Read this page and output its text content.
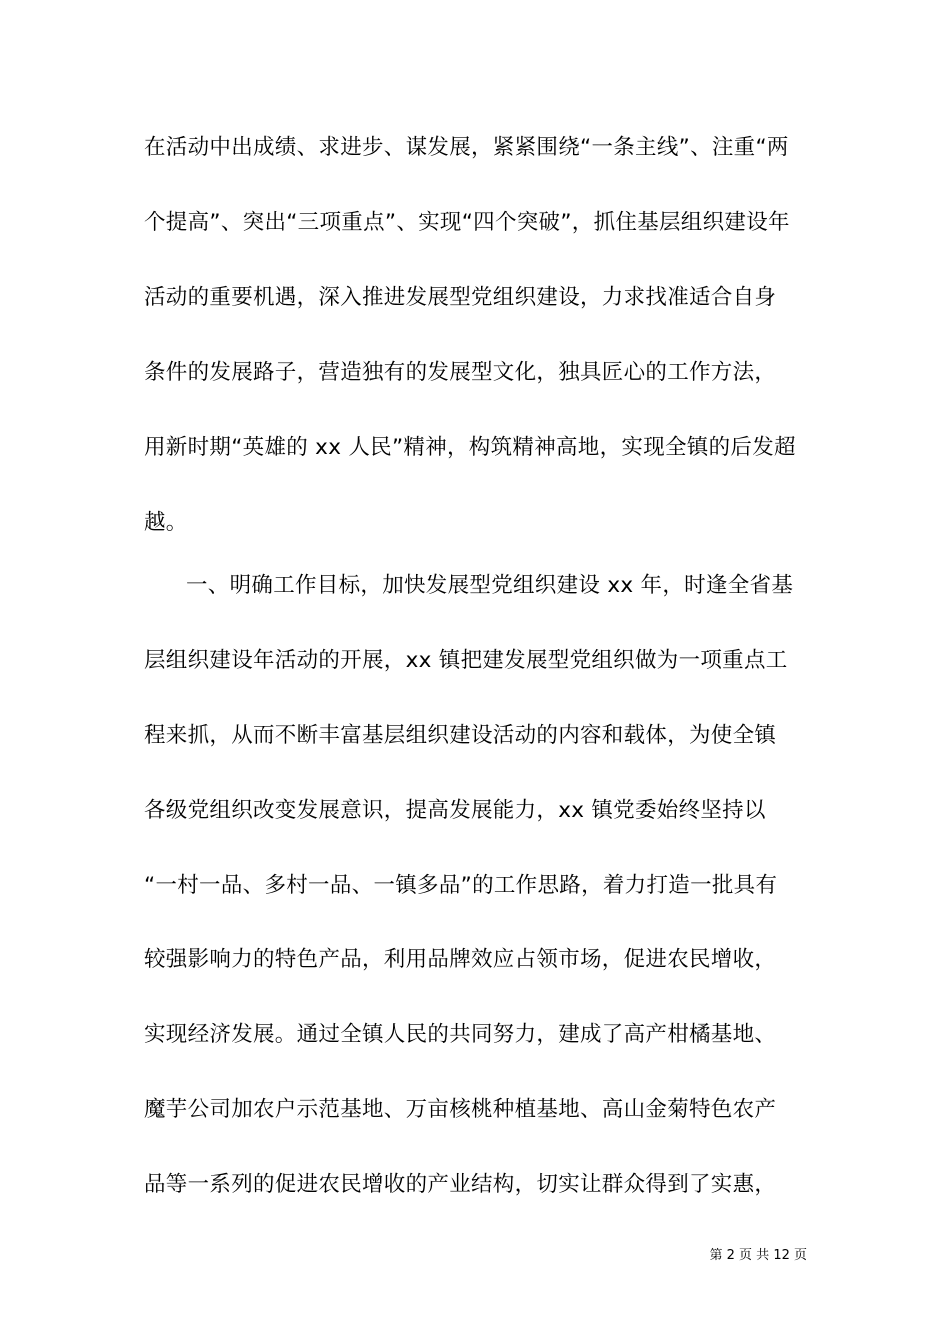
在活动中出成绩、求进步、谋发展，紧紧围绕“一条主线”、注重“两
个提高”、突出“三项重点”、实现“四个突破”，抓住基层组织建设年
活动的重要机遇，深入推进发展型党组织建设，力求找准适合自身
条件的发展路子，营造独有的发展型文化，独具匠心的工作方法，
用新时期“英雄的 xx 人民”精神，构筑精神高地，实现全镇的后发超
越。
一、明确工作目标，加快发展型党组织建设 xx 年，时逢全省基
层组织建设年活动的开展，xx 镇把建发展型党组织做为一项重点工
程来抓，从而不断丰富基层组织建设活动的内容和载体，为使全镇
各级党组织改变发展意识，提高发展能力，xx 镇党委始终坚持以
“一村一品、多村一品、一镇多品”的工作思路，着力打造一批具有
较强影响力的特色产品，利用品牌效应占领市场，促进农民增收，
实现经济发展。通过全镇人民的共同努力，建成了高产柑橘基地、
魔芋公司加农户示范基地、万亩核桃种植基地、高山金菊特色农产
品等一系列的促进农民增收的产业结构，切实让群众得到了实惠，
第 2 页 共 12 页
